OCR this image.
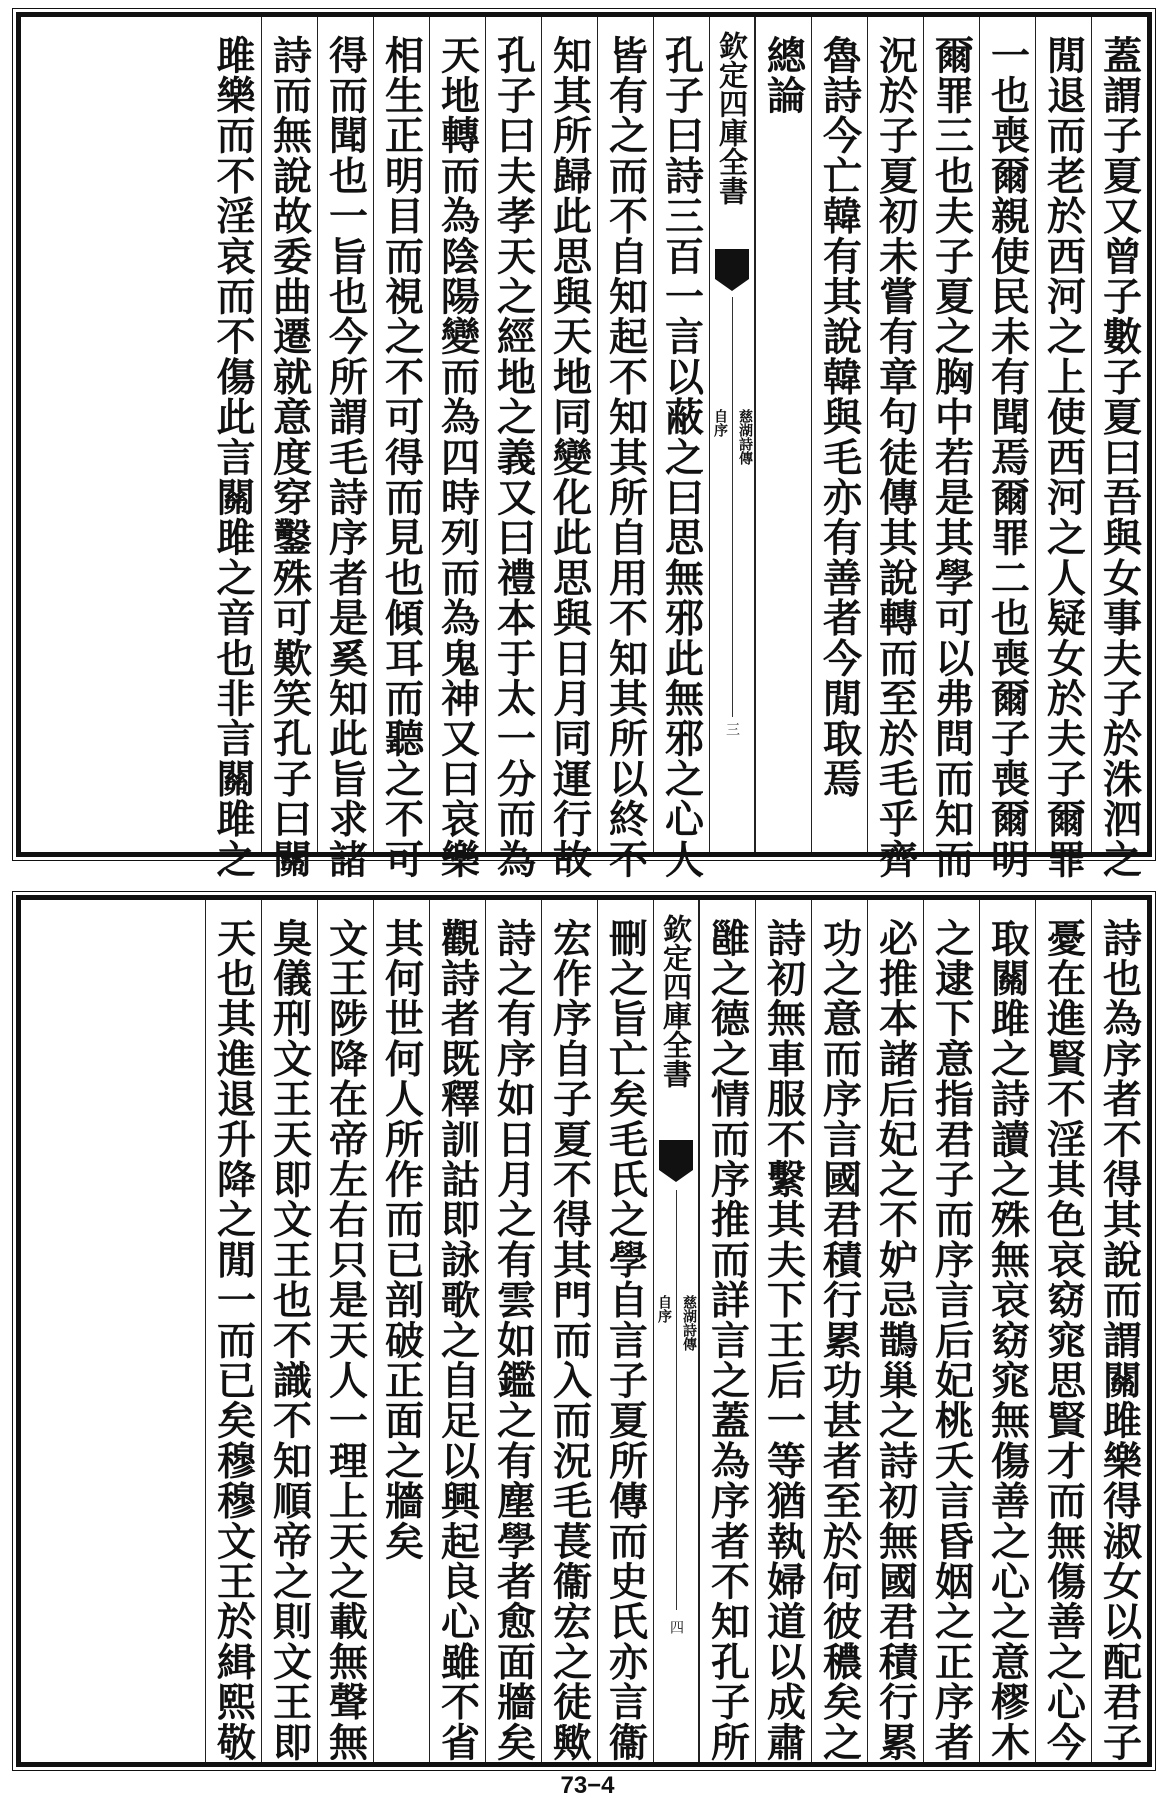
蓋謂子夏又曾子數子夏曰吾與女事夫子於洙泗之
閒退而老於西河之上使西河之人疑女於夫子爾罪
一也喪爾親使民未有聞焉爾罪二也喪爾子喪爾明
爾罪三也夫子夏之胸中若是其學可以弗問而知而
況於子夏初未嘗有章句徒傳其說轉而至於毛乎齊
魯詩今亡韓有其說韓與毛亦有善者今閒取焉
總論
欽定四庫全書
慈湖詩傳
自序
三
孔子曰詩三百一言以蔽之曰思無邪此無邪之心人
皆有之而不自知起不知其所自用不知其所以終不
知其所歸此思與天地同變化此思與日月同運行故
孔子曰夫孝天之經地之義又曰禮本于太一分而為
天地轉而為陰陽變而為四時列而為鬼神又曰哀樂
相生正明目而視之不可得而見也傾耳而聽之不可
得而聞也一旨也今所謂毛詩序者是奚知此旨求諸
詩而無說故委曲遷就意度穿鑿殊可歎笑孔子曰關
雎樂而不淫哀而不傷此言關雎之音也非言關雎之
詩也為序者不得其說而謂關雎樂得淑女以配君子
憂在進賢不淫其色哀窈窕思賢才而無傷善之心今
取關雎之詩讀之殊無哀窈窕無傷善之心之意樛木
之逮下意指君子而序言后妃桃夭言昏姻之正序者
必推本諸后妃之不妒忌鵲巢之詩初無國君積行累
功之意而序言國君積行累功甚者至於何彼穠矣之
詩初無車服不繫其夫下王后一等猶執婦道以成肅
雝之德之情而序推而詳言之蓋為序者不知孔子所
欽定四庫全書
慈湖詩傳
自序
四
刪之旨亡矣毛氏之學自言子夏所傳而史氏亦言衞
宏作序自子夏不得其門而入而況毛萇衞宏之徒歟
詩之有序如日月之有雲如鑑之有塵學者愈面牆矣
觀詩者既釋訓詁即詠歌之自足以興起良心雖不省
其何世何人所作而已剖破正面之牆矣
文王陟降在帝左右只是天人一理上天之載無聲無
臭儀刑文王天即文王也不識不知順帝之則文王即
天也其進退升降之閒一而已矣穆穆文王於緝熙敬
73−4
